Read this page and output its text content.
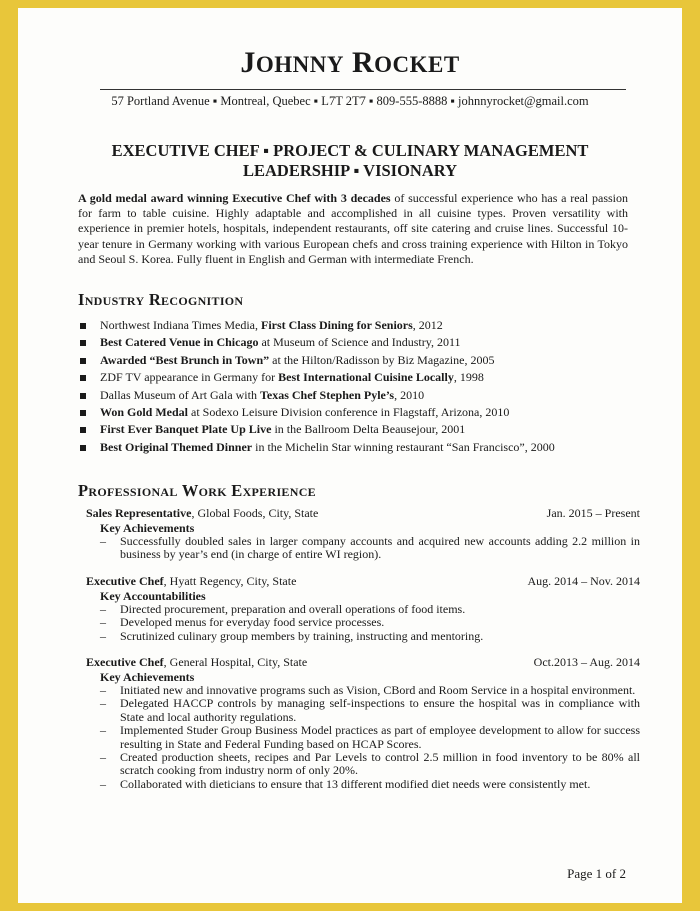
JOHNNY ROCKET
57 Portland Avenue ▪ Montreal, Quebec ▪ L7T 2T7 ▪ 809-555-8888 ▪ johnnyrocket@gmail.com
EXECUTIVE CHEF ▪ PROJECT & CULINARY MANAGEMENT
LEADERSHIP ▪ VISIONARY
A gold medal award winning Executive Chef with 3 decades of successful experience who has a real passion for farm to table cuisine. Highly adaptable and accomplished in all cuisine types. Proven versatility with experience in premier hotels, hospitals, independent restaurants, off site catering and cruise lines. Successful 10-year tenure in Germany working with various European chefs and cross training experience with Hilton in Tokyo and Seoul S. Korea. Fully fluent in English and German with intermediate French.
Industry Recognition
Northwest Indiana Times Media, First Class Dining for Seniors, 2012
Best Catered Venue in Chicago at Museum of Science and Industry, 2011
Awarded “Best Brunch in Town” at the Hilton/Radisson by Biz Magazine, 2005
ZDF TV appearance in Germany for Best International Cuisine Locally, 1998
Dallas Museum of Art Gala with Texas Chef Stephen Pyle’s, 2010
Won Gold Medal at Sodexo Leisure Division conference in Flagstaff, Arizona, 2010
First Ever Banquet Plate Up Live in the Ballroom Delta Beausejour, 2001
Best Original Themed Dinner in the Michelin Star winning restaurant “San Francisco”, 2000
Professional Work Experience
Sales Representative, Global Foods, City, State	Jan. 2015 – Present
Key Achievements
– Successfully doubled sales in larger company accounts and acquired new accounts adding 2.2 million in business by year’s end (in charge of entire WI region).
Executive Chef, Hyatt Regency, City, State	Aug. 2014 – Nov. 2014
Key Accountabilities
– Directed procurement, preparation and overall operations of food items.
– Developed menus for everyday food service processes.
– Scrutinized culinary group members by training, instructing and mentoring.
Executive Chef, General Hospital, City, State	Oct.2013 – Aug. 2014
Key Achievements
– Initiated new and innovative programs such as Vision, CBord and Room Service in a hospital environment.
– Delegated HACCP controls by managing self-inspections to ensure the hospital was in compliance with State and local authority regulations.
– Implemented Studer Group Business Model practices as part of employee development to allow for success resulting in State and Federal Funding based on HCAP Scores.
– Created production sheets, recipes and Par Levels to control 2.5 million in food inventory to be 80% all scratch cooking from industry norm of only 20%.
– Collaborated with dieticians to ensure that 13 different modified diet needs were consistently met.
Page 1 of 2
